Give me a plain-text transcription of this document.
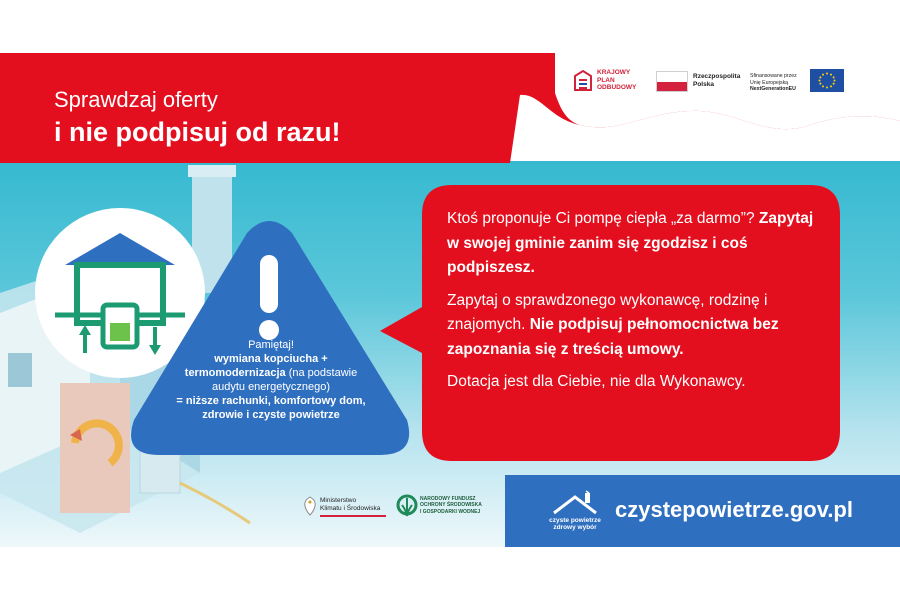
Sprawdzaj oferty
i nie podpisuj od razu!
KRAJOWY
PLAN
ODBUDOWY
Rzeczpospolita
Polska
Sfinansowane przez
Unię Europejską
NextGenerationEU
Pamiętaj!
wymiana kopciucha +
termomodernizacja (na podstawie
audytu energetycznego)
= niższe rachunki, komfortowy dom,
zdrowie i czyste powietrze

Ktoś proponuje Ci pompę ciepła „za darmo”? Zapytaj w swojej gminie zanim się zgodzisz i coś podpiszesz.

Zapytaj o sprawdzonego wykonawcę, rodzinę i znajomych. Nie podpisuj pełnomocnictwa bez zapoznania się z treścią umowy.

Dotacja jest dla Ciebie, nie dla Wykonawcy.

Ministerstwo
Klimatu i Środowiska
NARODOWY FUNDUSZ
OCHRONY ŚRODOWISKA
I GOSPODARKI WODNEJ
czyste powietrze
zdrowy wybór
czystepowietrze.gov.pl
